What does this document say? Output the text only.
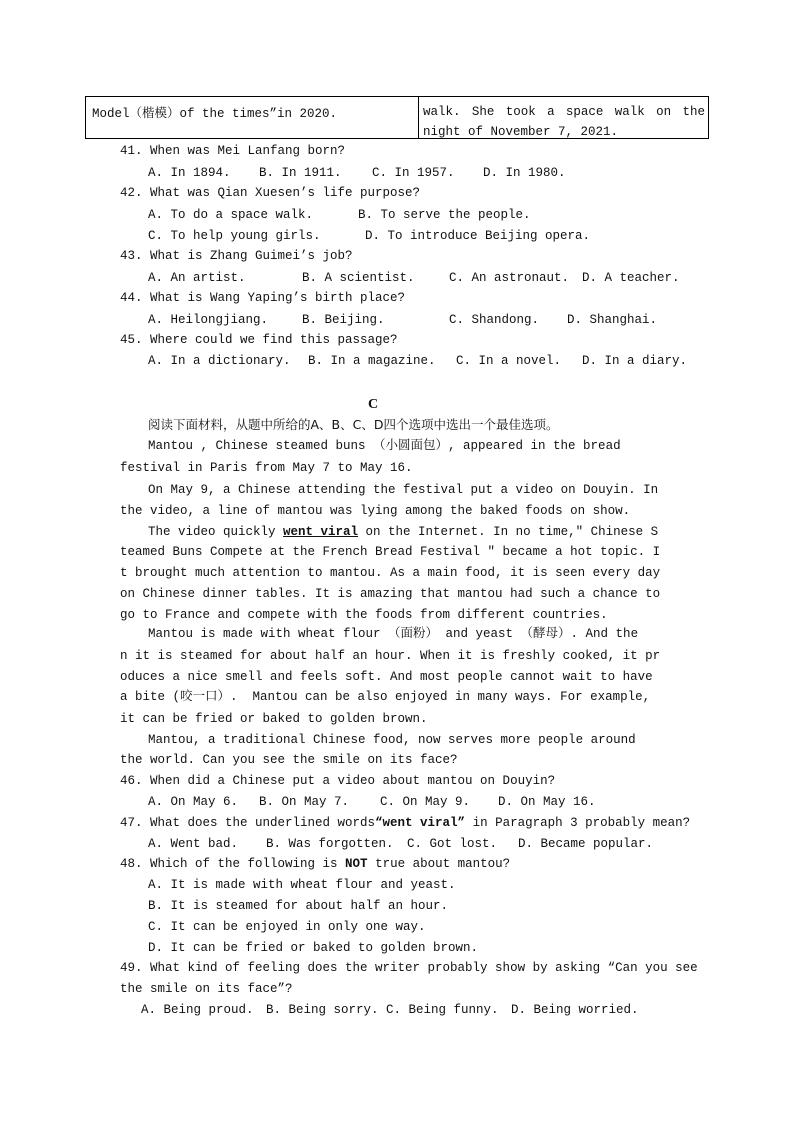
Model（楷模）of the times”in 2020.	walk. She took a space walk on the
night of November 7, 2021.
41. When was Mei Lanfang born?
A. In 1894. B. In 1911. C. In 1957. D. In 1980.
42. What was Qian Xuesen’s life purpose?
A. To do a space walk.	B. To serve the people.
C. To help young girls.	D. To introduce Beijing opera.
43. What is Zhang Guimei’s job?
A. An artist.	B. A scientist.	C. An astronaut. D. A teacher.
44. What is Wang Yaping’s birth place?
A. Heilongjiang.	B. Beijing.	C. Shandong. D. Shanghai.
45. Where could we find this passage?
A. In a dictionary. B. In a magazine. C. In a novel. D. In a diary.
C
阅读下面材料，从题中所给的A、B、C、D四个选项中选出一个最佳选项。
Mantou , Chinese steamed buns （小圆面包）, appeared in the bread
festival in Paris from May 7 to May 16.
On May 9, a Chinese attending the festival put a video on Douyin. In
the video, a line of mantou was lying among the baked foods on show.
The video quickly went viral on the Internet. In no time,″ Chinese S
teamed Buns Compete at the French Bread Festival ″ became a hot topic. I
t brought much attention to mantou. As a main food, it is seen every day
on Chinese dinner tables. It is amazing that mantou had such a chance to
go to France and compete with the foods from different countries.
Mantou is made with wheat flour （面粉） and yeast （酵母）. And the
n it is steamed for about half an hour. When it is freshly cooked, it pr
oduces a nice smell and feels soft. And most people cannot wait to have
a bite (咬一口）.  Mantou can be also enjoyed in many ways. For example,
it can be fried or baked to golden brown.
Mantou, a traditional Chinese food, now serves more people around
the world. Can you see the smile on its face?
46. When did a Chinese put a video about mantou on Douyin?
A. On May 6. B. On May 7. C. On May 9. D. On May 16.
47. What does the underlined words“went viral” in Paragraph 3 probably mean?
A. Went bad. B. Was forgotten. C. Got lost. D. Became popular.
48. Which of the following is NOT true about mantou?
A. It is made with wheat flour and yeast.
B. It is steamed for about half an hour.
C. It can be enjoyed in only one way.
D. It can be fried or baked to golden brown.
49. What kind of feeling does the writer probably show by asking “Can you see
the smile on its face”?
A. Being proud. B. Being sorry. C. Being funny. D. Being worried.
